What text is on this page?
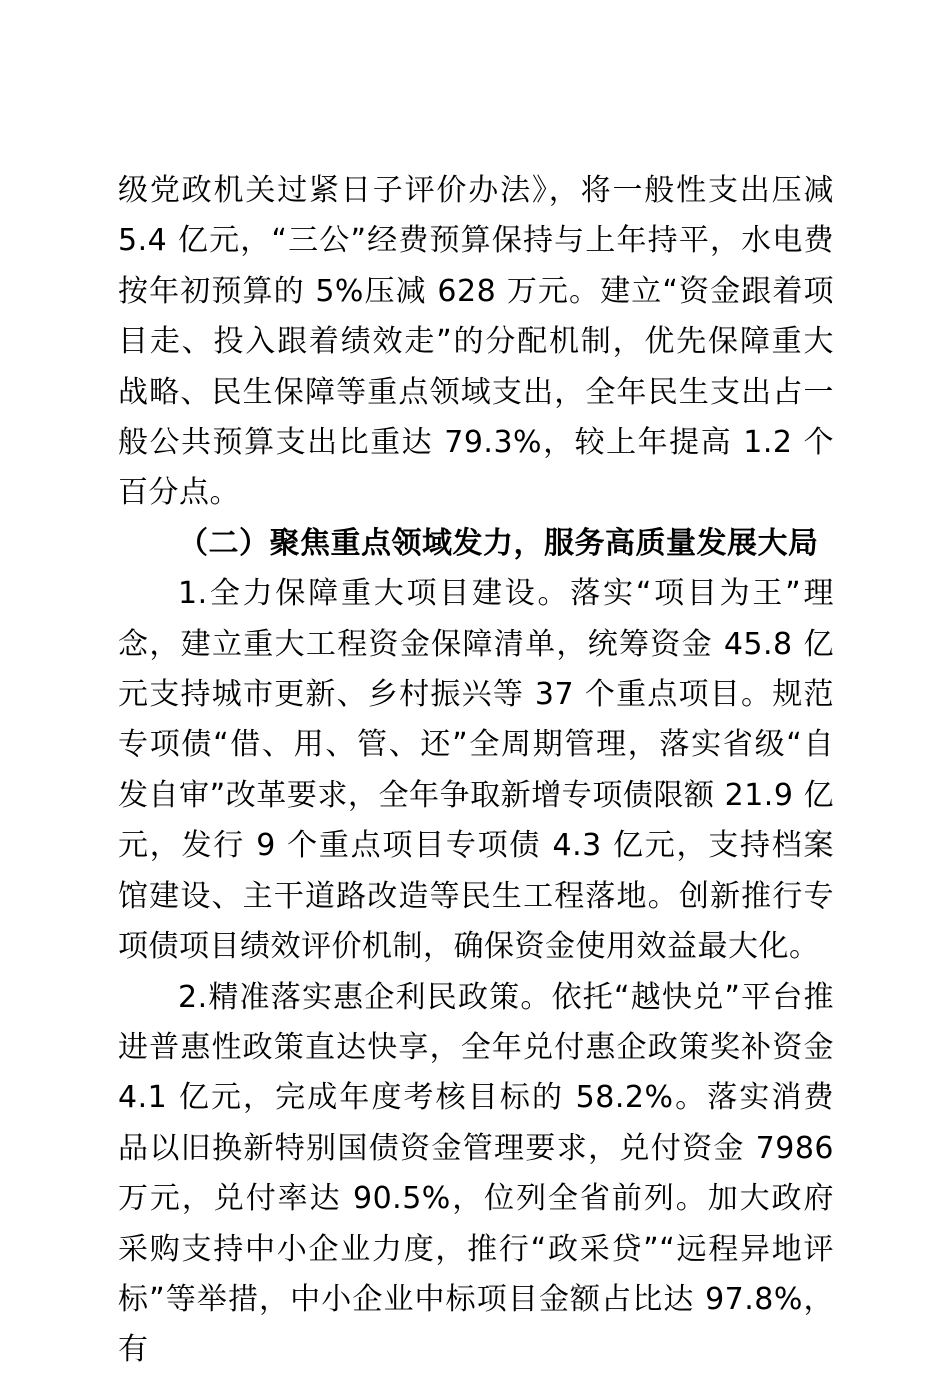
级党政机关过紧日子评价办法》，将一般性支出压减 5.4 亿元，“三公”经费预算保持与上年持平，水电费按年初预算的 5%压减 628 万元。建立“资金跟着项目走、投入跟着绩效走”的分配机制，优先保障重大战略、民生保障等重点领域支出，全年民生支出占一般公共预算支出比重达 79.3%，较上年提高 1.2 个百分点。

（二）聚焦重点领域发力，服务高质量发展大局

1.全力保障重大项目建设。落实“项目为王”理念，建立重大工程资金保障清单，统筹资金 45.8 亿元支持城市更新、乡村振兴等 37 个重点项目。规范专项债“借、用、管、还”全周期管理，落实省级“自发自审”改革要求，全年争取新增专项债限额 21.9 亿元，发行 9 个重点项目专项债 4.3 亿元，支持档案馆建设、主干道路改造等民生工程落地。创新推行专项债项目绩效评价机制，确保资金使用效益最大化。

2.精准落实惠企利民政策。依托“越快兑”平台推进普惠性政策直达快享，全年兑付惠企政策奖补资金 4.1 亿元，完成年度考核目标的 58.2%。落实消费品以旧换新特别国债资金管理要求，兑付资金 7986 万元，兑付率达 90.5%，位列全省前列。加大政府采购支持中小企业力度，推行“政采贷”“远程异地评标”等举措，中小企业中标项目金额占比达 97.8%，有
